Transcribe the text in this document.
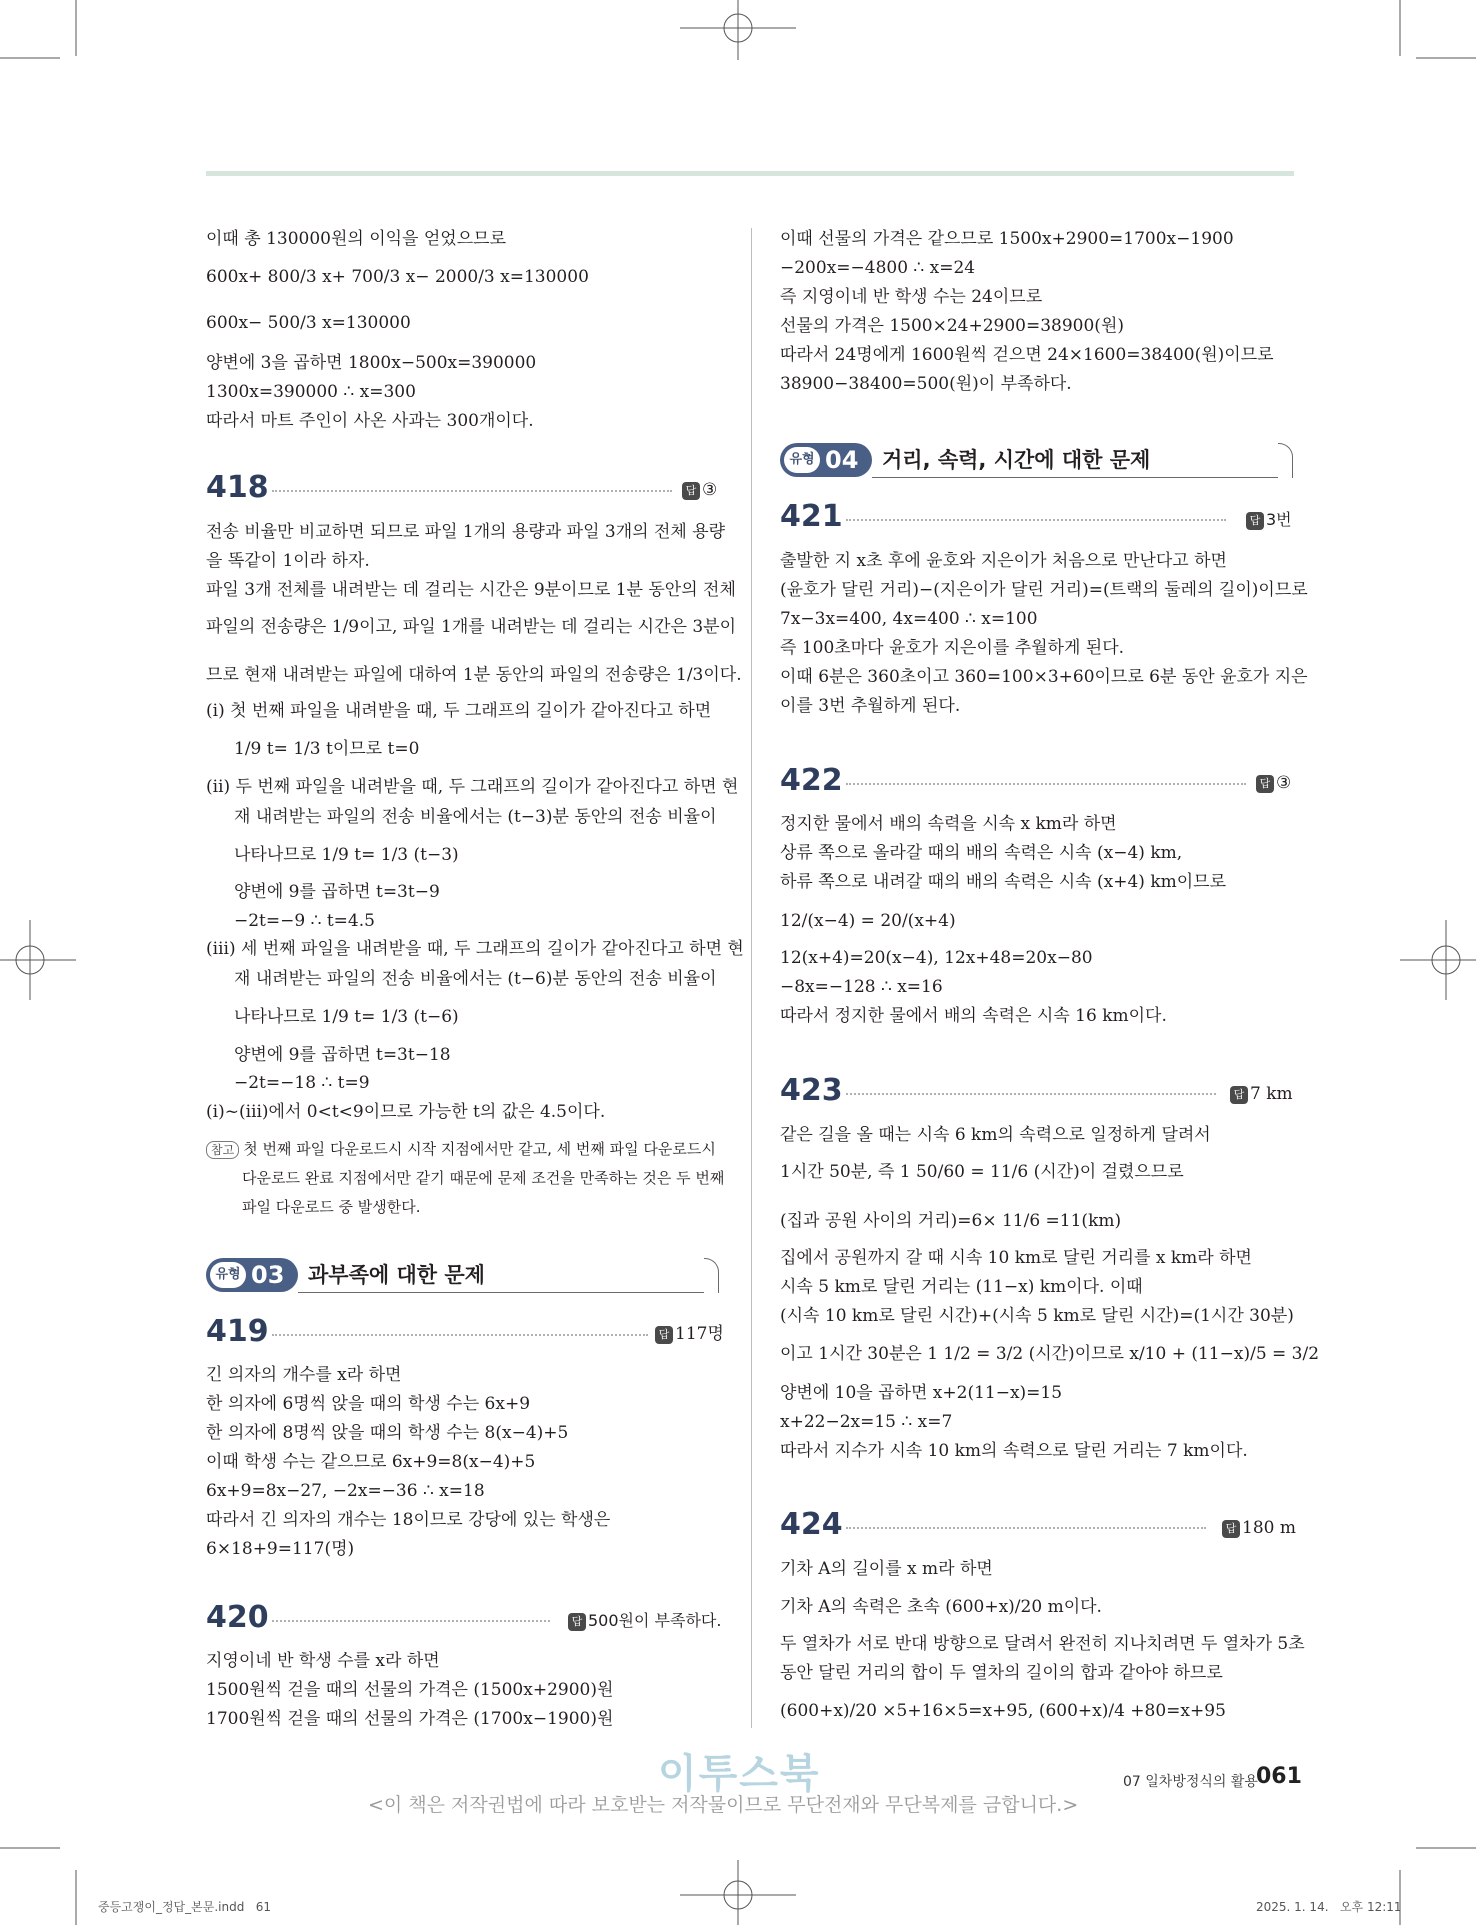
이때 총 130000원의 이익을 얻었으므로
600x+ 800/3 x+ 700/3 x− 2000/3 x=130000
600x− 500/3 x=130000
양변에 3을 곱하면 1800x−500x=390000
1300x=390000 ∴ x=300
따라서 마트 주인이 사온 사과는 300개이다.
418	답 ③
전송 비율만 비교하면 되므로 파일 1개의 용량과 파일 3개의 전체 용량
을 똑같이 1이라 하자.
파일 3개 전체를 내려받는 데 걸리는 시간은 9분이므로 1분 동안의 전체
파일의 전송량은 1/9이고, 파일 1개를 내려받는 데 걸리는 시간은 3분이
므로 현재 내려받는 파일에 대하여 1분 동안의 파일의 전송량은 1/3이다.
(ⅰ) 첫 번째 파일을 내려받을 때, 두 그래프의 길이가 같아진다고 하면
1/9 t= 1/3 t이므로 t=0
(ⅱ) 두 번째 파일을 내려받을 때, 두 그래프의 길이가 같아진다고 하면 현
재 내려받는 파일의 전송 비율에서는 (t−3)분 동안의 전송 비율이
나타나므로 1/9 t= 1/3 (t−3)
양변에 9를 곱하면 t=3t−9
−2t=−9 ∴ t=4.5
(ⅲ) 세 번째 파일을 내려받을 때, 두 그래프의 길이가 같아진다고 하면 현
재 내려받는 파일의 전송 비율에서는 (t−6)분 동안의 전송 비율이
나타나므로 1/9 t= 1/3 (t−6)
양변에 9를 곱하면 t=3t−18
−2t=−18 ∴ t=9
(ⅰ)~(ⅲ)에서 0<t<9이므로 가능한 t의 값은 4.5이다.
참고 첫 번째 파일 다운로드시 시작 지점에서만 같고, 세 번째 파일 다운로드시
다운로드 완료 지점에서만 같기 때문에 문제 조건을 만족하는 것은 두 번째
파일 다운로드 중 발생한다.
유형 03 과부족에 대한 문제
419	답 117명
긴 의자의 개수를 x라 하면
한 의자에 6명씩 앉을 때의 학생 수는 6x+9
한 의자에 8명씩 앉을 때의 학생 수는 8(x−4)+5
이때 학생 수는 같으므로 6x+9=8(x−4)+5
6x+9=8x−27, −2x=−36 ∴ x=18
따라서 긴 의자의 개수는 18이므로 강당에 있는 학생은
6×18+9=117(명)
420	답 500원이 부족하다.
지영이네 반 학생 수를 x라 하면
1500원씩 걷을 때의 선물의 가격은 (1500x+2900)원
1700원씩 걷을 때의 선물의 가격은 (1700x−1900)원
이때 선물의 가격은 같으므로 1500x+2900=1700x−1900
−200x=−4800 ∴ x=24
즉 지영이네 반 학생 수는 24이므로
선물의 가격은 1500×24+2900=38900(원)
따라서 24명에게 1600원씩 걷으면 24×1600=38400(원)이므로
38900−38400=500(원)이 부족하다.
유형 04 거리, 속력, 시간에 대한 문제
421	답 3번
출발한 지 x초 후에 윤호와 지은이가 처음으로 만난다고 하면
(윤호가 달린 거리)−(지은이가 달린 거리)=(트랙의 둘레의 길이)이므로
7x−3x=400, 4x=400 ∴ x=100
즉 100초마다 윤호가 지은이를 추월하게 된다.
이때 6분은 360초이고 360=100×3+60이므로 6분 동안 윤호가 지은
이를 3번 추월하게 된다.
422	답 ③
정지한 물에서 배의 속력을 시속 x km라 하면
상류 쪽으로 올라갈 때의 배의 속력은 시속 (x−4) km,
하류 쪽으로 내려갈 때의 배의 속력은 시속 (x+4) km이므로
12/(x−4) = 20/(x+4)
12(x+4)=20(x−4), 12x+48=20x−80
−8x=−128 ∴ x=16
따라서 정지한 물에서 배의 속력은 시속 16 km이다.
423	답 7 km
같은 길을 올 때는 시속 6 km의 속력으로 일정하게 달려서
1시간 50분, 즉 1 50/60 = 11/6 (시간)이 걸렸으므로
(집과 공원 사이의 거리)=6× 11/6 =11(km)
집에서 공원까지 갈 때 시속 10 km로 달린 거리를 x km라 하면
시속 5 km로 달린 거리는 (11−x) km이다. 이때
(시속 10 km로 달린 시간)+(시속 5 km로 달린 시간)=(1시간 30분)
이고 1시간 30분은 1 1/2 = 3/2 (시간)이므로 x/10 + (11−x)/5 = 3/2
양변에 10을 곱하면 x+2(11−x)=15
x+22−2x=15 ∴ x=7
따라서 지수가 시속 10 km의 속력으로 달린 거리는 7 km이다.
424	답 180 m
기차 A의 길이를 x m라 하면
기차 A의 속력은 초속 (600+x)/20 m이다.
두 열차가 서로 반대 방향으로 달려서 완전히 지나치려면 두 열차가 5초
동안 달린 거리의 합이 두 열차의 길이의 합과 같아야 하므로
(600+x)/20 ×5+16×5=x+95, (600+x)/4 +80=x+95
이투스북
<이 책은 저작권법에 따라 보호받는 저작물이므로 무단전재와 무단복제를 금합니다.>
07 일차방정식의 활용
061
중등고쟁이_정답_본문.indd   61	2025. 1. 14.   오후 12:11
